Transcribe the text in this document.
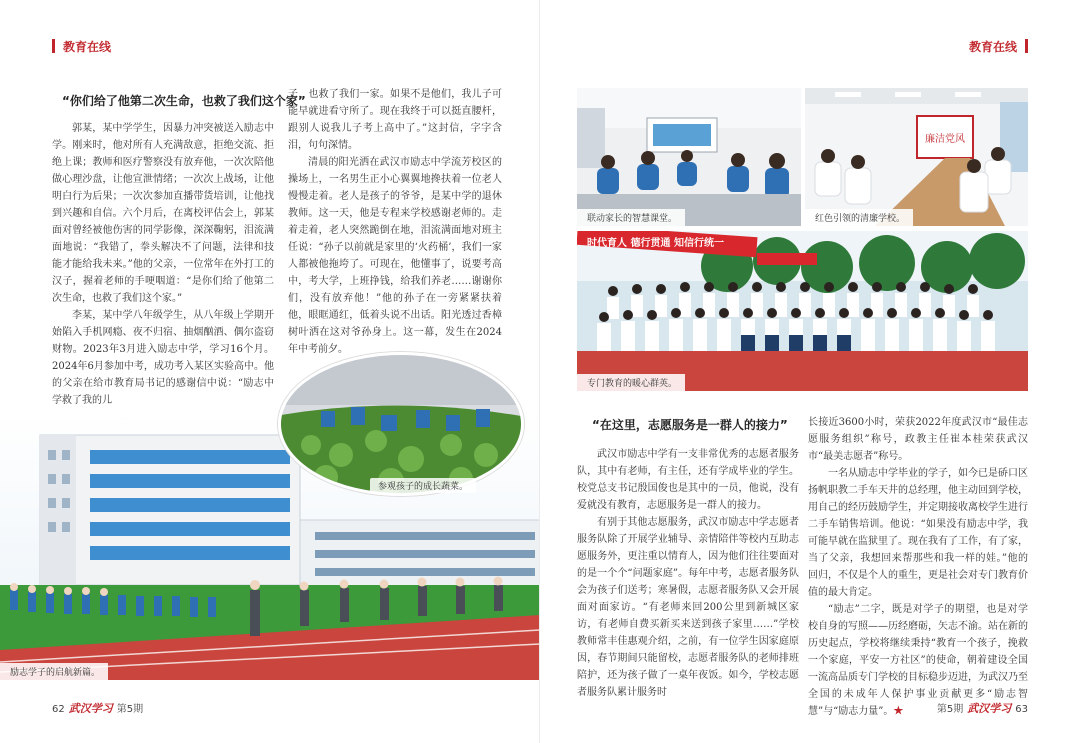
教育在线
“你们给了他第二次生命，也救了我们这个家”

郭某，某中学学生，因暴力冲突被送入励志中学。刚来时，他对所有人充满敌意，拒绝交流、拒绝上课；教师和医疗警察没有放弃他，一次次陪他做心理沙盘，让他宣泄情绪；一次次上战场，让他明白行为后果；一次次参加直播带货培训，让他找到兴趣和自信。六个月后，在离校评估会上，郭某面对曾经被他伤害的同学影像，深深鞠躬，泪流满面地说：“我错了，拳头解决不了问题，法律和技能才能给我未来。”他的父亲，一位常年在外打工的汉子，握着老师的手哽咽道：“是你们给了他第二次生命，也救了我们这个家。”

李某，某中学八年级学生，从八年级上学期开始陷入手机网瘾、夜不归宿、抽烟酗酒、偶尔盗窃财物。2023年3月进入励志中学，学习16个月。2024年6月参加中考，成功考入某区实验高中。他的父亲在给市教育局书记的感谢信中说：“励志中学救了我的儿

子，也救了我们一家。如果不是他们，我儿子可能早就进看守所了。现在我终于可以挺直腰杆，跟别人说我儿子考上高中了。”这封信，字字含泪，句句深情。

清晨的阳光洒在武汉市励志中学流芳校区的操场上，一名男生正小心翼翼地搀扶着一位老人慢慢走着。老人是孩子的爷爷，是某中学的退休教师。这一天，他是专程来学校感谢老师的。走着走着，老人突然跪倒在地，泪流满面地对班主任说：“孙子以前就是家里的‘火药桶’，我们一家人都被他拖垮了。可现在，他懂事了，说要考高中，考大学，上班挣钱，给我们养老……谢谢你们，没有放弃他！”他的孙子在一旁紧紧扶着他，眼眶通红，低着头说不出话。阳光透过香樟树叶洒在这对爷孙身上。这一幕，发生在2024年中考前夕。

励志学子的启航新篇。
参观孩子的成长蔬菜。
62 武汉学习 第5期
教育在线
联动家长的智慧课堂。
廉洁党风
红色引领的清廉学校。
时代育人 德行贯通 知信行统一
专门教育的暖心群英。
“在这里，志愿服务是一群人的接力”

武汉市励志中学有一支非常优秀的志愿者服务队，其中有老师，有主任，还有学成毕业的学生。校党总支书记殷国俊也是其中的一员，他说，没有爱就没有教育，志愿服务是一群人的接力。

有别于其他志愿服务，武汉市励志中学志愿者服务队除了开展学业辅导、亲情陪伴等校内互助志愿服务外，更注重以情育人，因为他们往往要面对的是一个个“问题家庭”。每年中考，志愿者服务队会为孩子们送考；寒暑假，志愿者服务队又会开展面对面家访。“有老师来回200公里到新城区家访，有老师自费买新买来送到孩子家里……”学校教师常丰佳惠观介绍，之前，有一位学生因家庭原因，春节期间只能留校，志愿者服务队的老师排班陪护，还为孩子做了一桌年夜饭。如今，学校志愿者服务队累计服务时

长接近3600小时，荣获2022年度武汉市“最佳志愿服务组织”称号，政教主任崔本桂荣获武汉市“最美志愿者”称号。

一名从励志中学毕业的学子，如今已是硚口区扬帆职教二手车天井的总经理，他主动回到学校，用自己的经历鼓励学生，并定期接收离校学生进行二手车销售培训。他说：“如果没有励志中学，我可能早就在监狱里了。现在我有了工作，有了家，当了父亲，我想回来帮那些和我一样的娃。”他的回归，不仅是个人的重生，更是社会对专门教育价值的最大肯定。

“励志”二字，既是对学子的期望，也是对学校自身的写照——历经磨砺，矢志不渝。站在新的历史起点，学校将继续秉持“教育一个孩子，挽救一个家庭，平安一方社区”的使命，朝着建设全国一流高品质专门学校的目标稳步迈进，为武汉乃至全国的未成年人保护事业贡献更多“励志智慧”与“励志力量”。★	第5期 武汉学习 63
